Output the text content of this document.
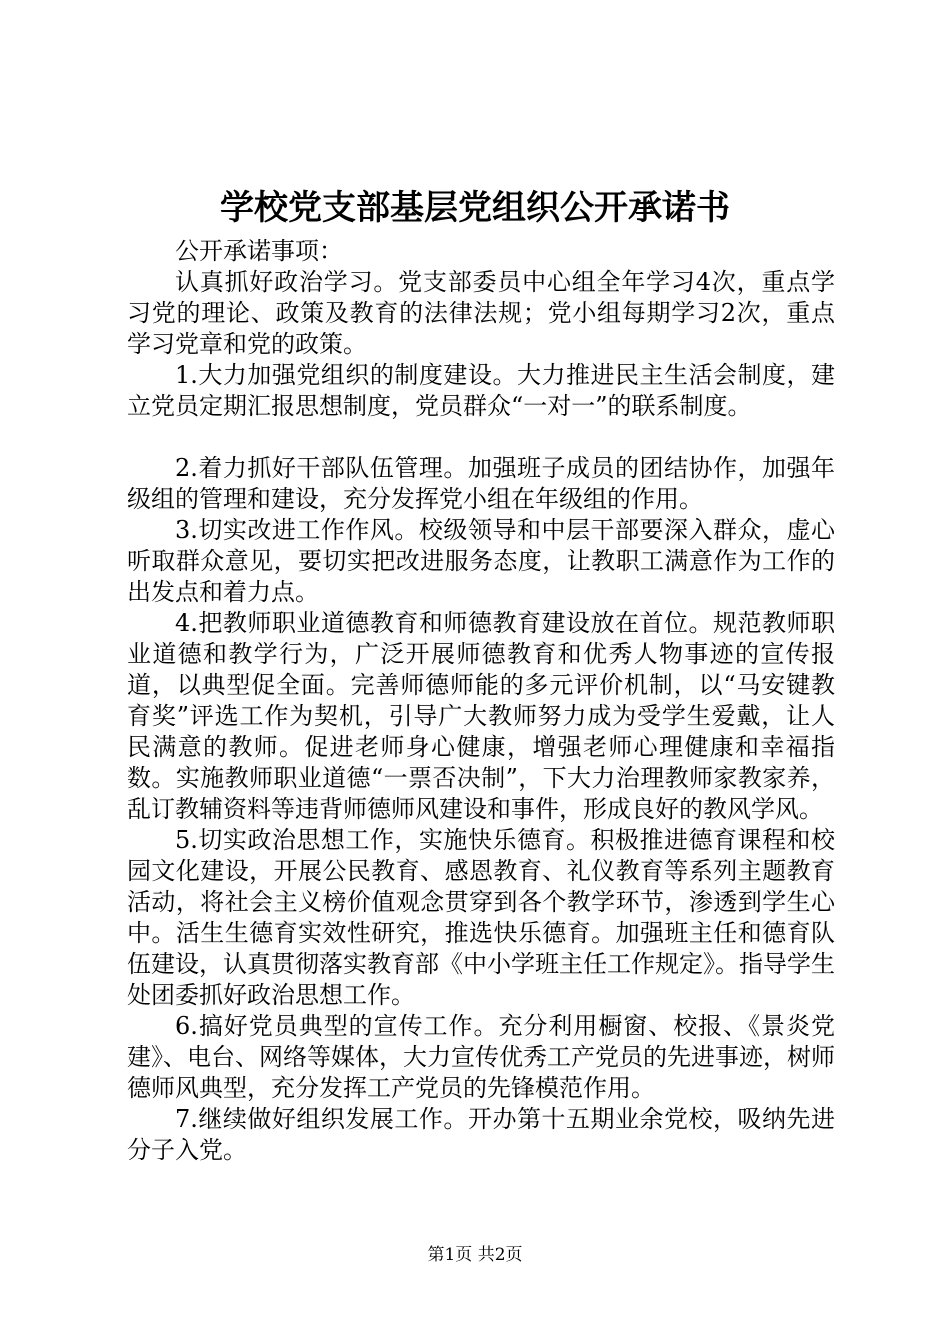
学校党支部基层党组织公开承诺书

公开承诺事项：

认真抓好政治学习。党支部委员中心组全年学习4次，重点学习党的理论、政策及教育的法律法规；党小组每期学习2次，重点学习党章和党的政策。

1.大力加强党组织的制度建设。大力推进民主生活会制度，建立党员定期汇报思想制度，党员群众“一对一”的联系制度。

2.着力抓好干部队伍管理。加强班子成员的团结协作，加强年级组的管理和建设，充分发挥党小组在年级组的作用。

3.切实改进工作作风。校级领导和中层干部要深入群众，虚心听取群众意见，要切实把改进服务态度，让教职工满意作为工作的出发点和着力点。

4.把教师职业道德教育和师德教育建设放在首位。规范教师职业道德和教学行为，广泛开展师德教育和优秀人物事迹的宣传报道，以典型促全面。完善师德师能的多元评价机制，以“马安键教育奖”评选工作为契机，引导广大教师努力成为受学生爱戴，让人民满意的教师。促进老师身心健康，增强老师心理健康和幸福指数。实施教师职业道德“一票否决制”，下大力治理教师家教家养，乱订教辅资料等违背师德师风建设和事件，形成良好的教风学风。

5.切实政治思想工作，实施快乐德育。积极推进德育课程和校园文化建设，开展公民教育、感恩教育、礼仪教育等系列主题教育活动，将社会主义榜价值观念贯穿到各个教学环节，渗透到学生心中。活生生德育实效性研究，推选快乐德育。加强班主任和德育队伍建设，认真贯彻落实教育部《中小学班主任工作规定》。指导学生处团委抓好政治思想工作。

6.搞好党员典型的宣传工作。充分利用橱窗、校报、《景炎党建》、电台、网络等媒体，大力宣传优秀工产党员的先进事迹，树师德师风典型，充分发挥工产党员的先锋模范作用。

7.继续做好组织发展工作。开办第十五期业余党校，吸纳先进分子入党。

第1页 共2页
